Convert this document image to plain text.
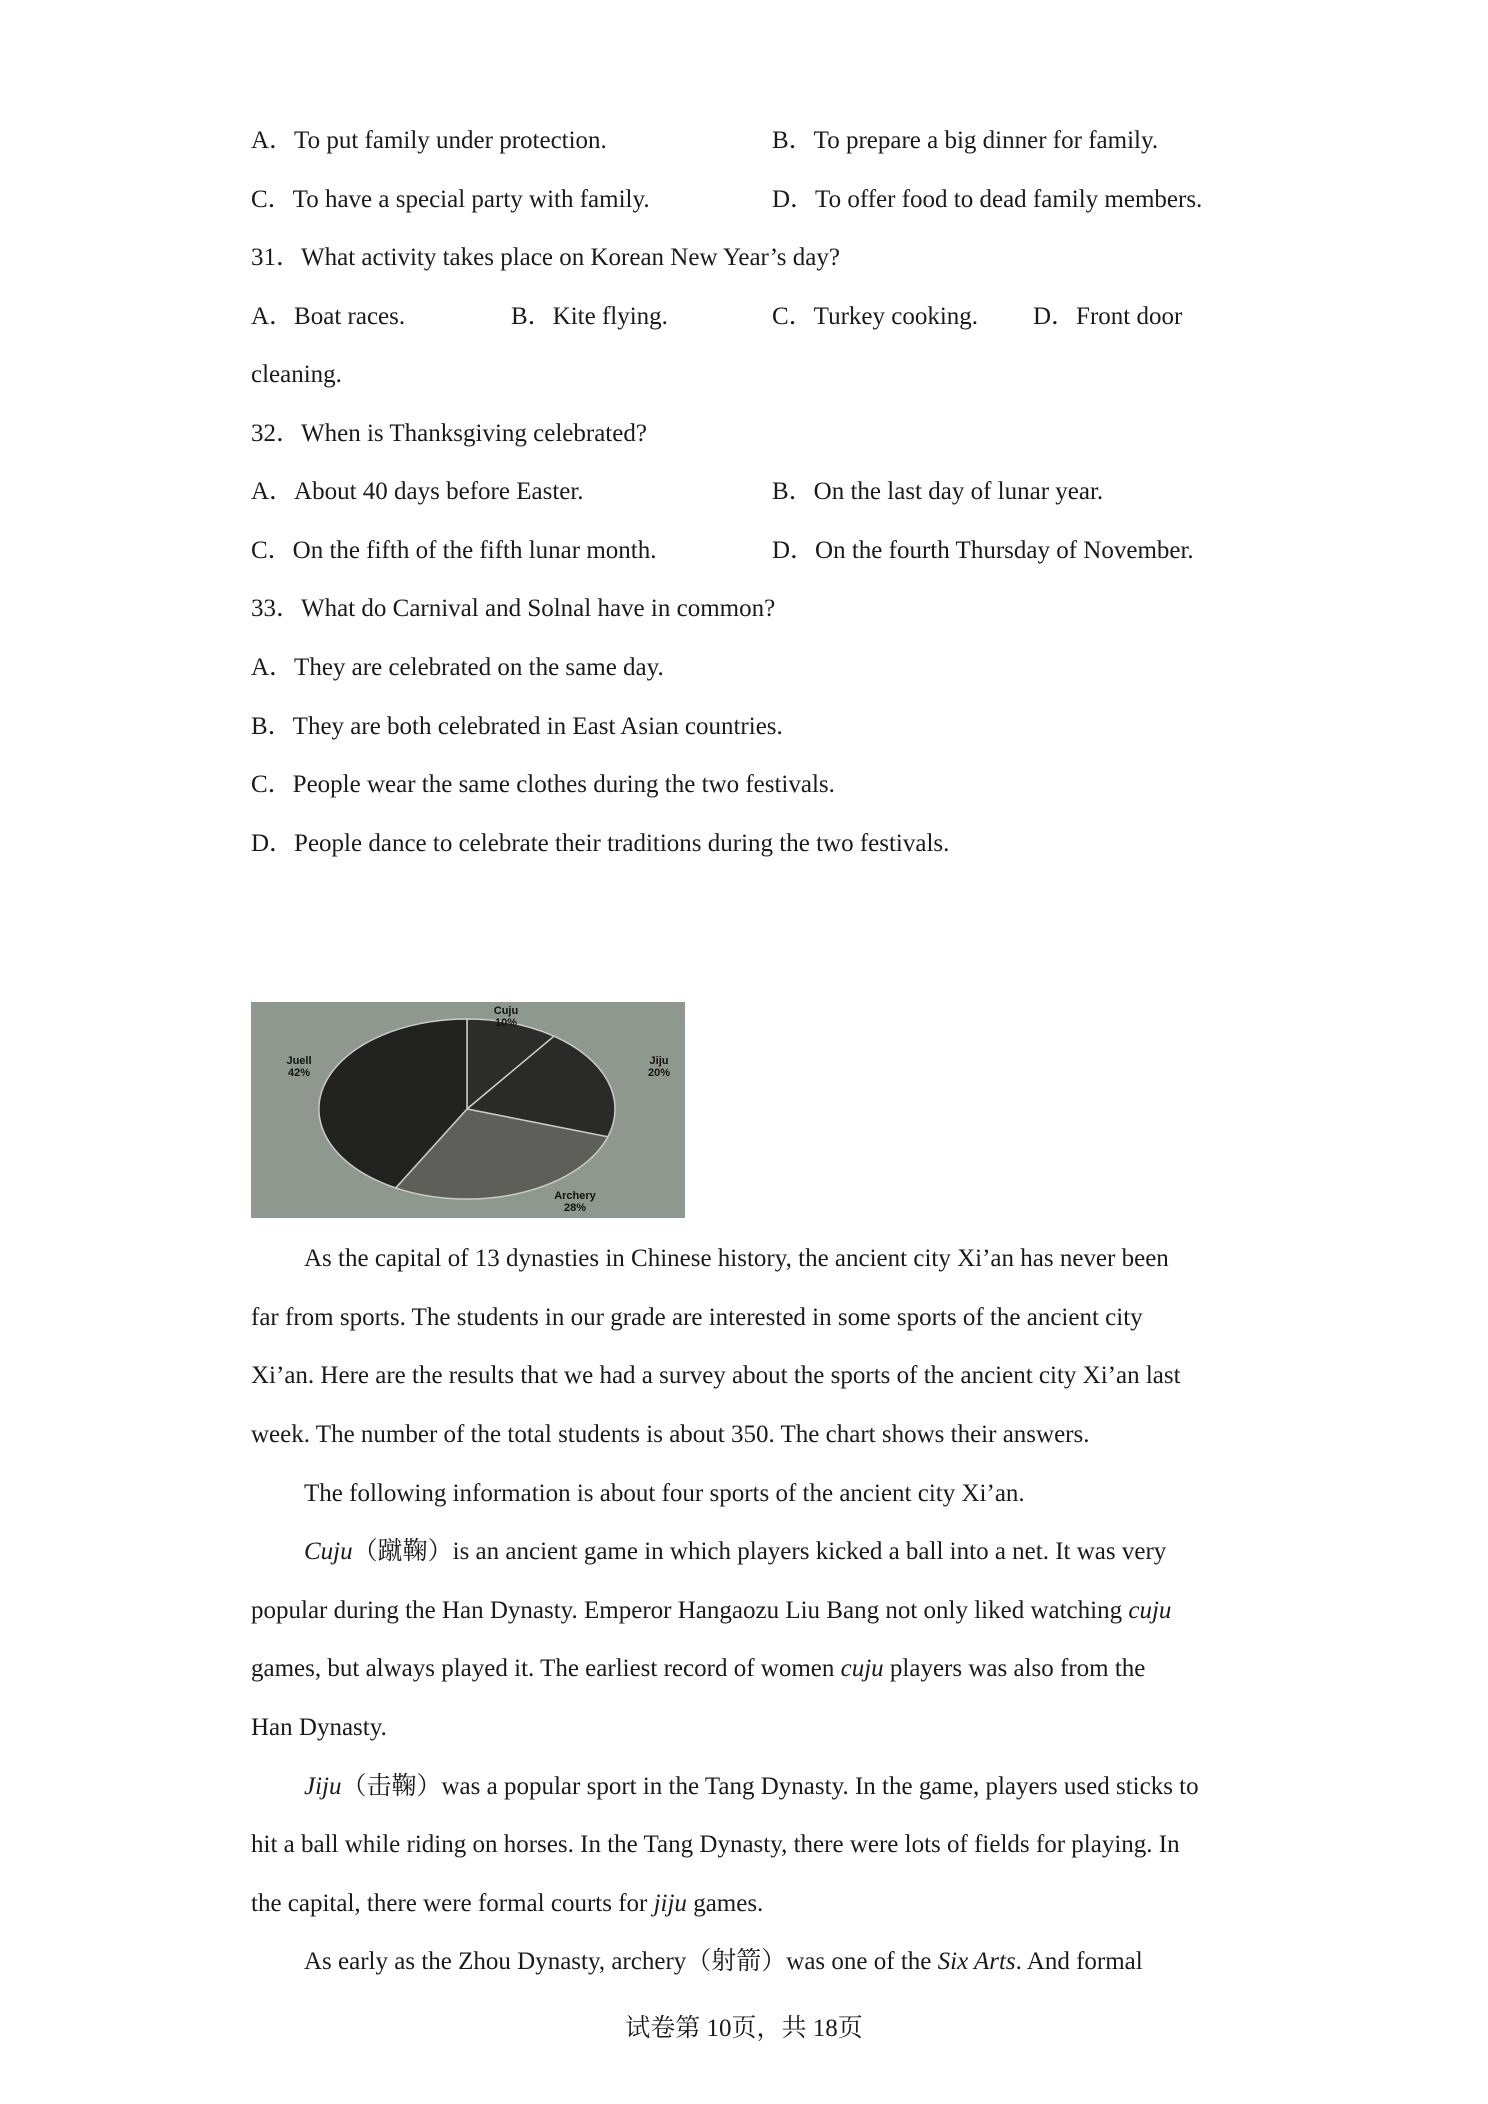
A．To put family under protection.	B．To prepare a big dinner for family.
C．To have a special party with family.	D．To offer food to dead family members.
31．What activity takes place on Korean New Year’s day?
A．Boat races.	B．Kite flying.	C．Turkey cooking. D．Front door
cleaning.
32．When is Thanksgiving celebrated?
A．About 40 days before Easter.	B．On the last day of lunar year.
C．On the fifth of the fifth lunar month.	D．On the fourth Thursday of November.
33．What do Carnival and Solnal have in common?
A．They are celebrated on the same day.
B．They are both celebrated in East Asian countries.
C．People wear the same clothes during the two festivals.
D．People dance to celebrate their traditions during the two festivals.
Cuju
10%
Jiju
20%
Archery
28%
Juell
42%
As the capital of 13 dynasties in Chinese history, the ancient city Xi’an has never been
far from sports. The students in our grade are interested in some sports of the ancient city
Xi’an. Here are the results that we had a survey about the sports of the ancient city Xi’an last
week. The number of the total students is about 350. The chart shows their answers.
The following information is about four sports of the ancient city Xi’an.
Cuju（蹴鞠）is an ancient game in which players kicked a ball into a net. It was very
popular during the Han Dynasty. Emperor Hangaozu Liu Bang not only liked watching cuju
games, but always played it. The earliest record of women cuju players was also from the
Han Dynasty.
Jiju（击鞠）was a popular sport in the Tang Dynasty. In the game, players used sticks to
hit a ball while riding on horses. In the Tang Dynasty, there were lots of fields for playing. In
the capital, there were formal courts for jiju games.
As early as the Zhou Dynasty, archery（射箭）was one of the Six Arts. And formal
试卷第 10页，共 18页
